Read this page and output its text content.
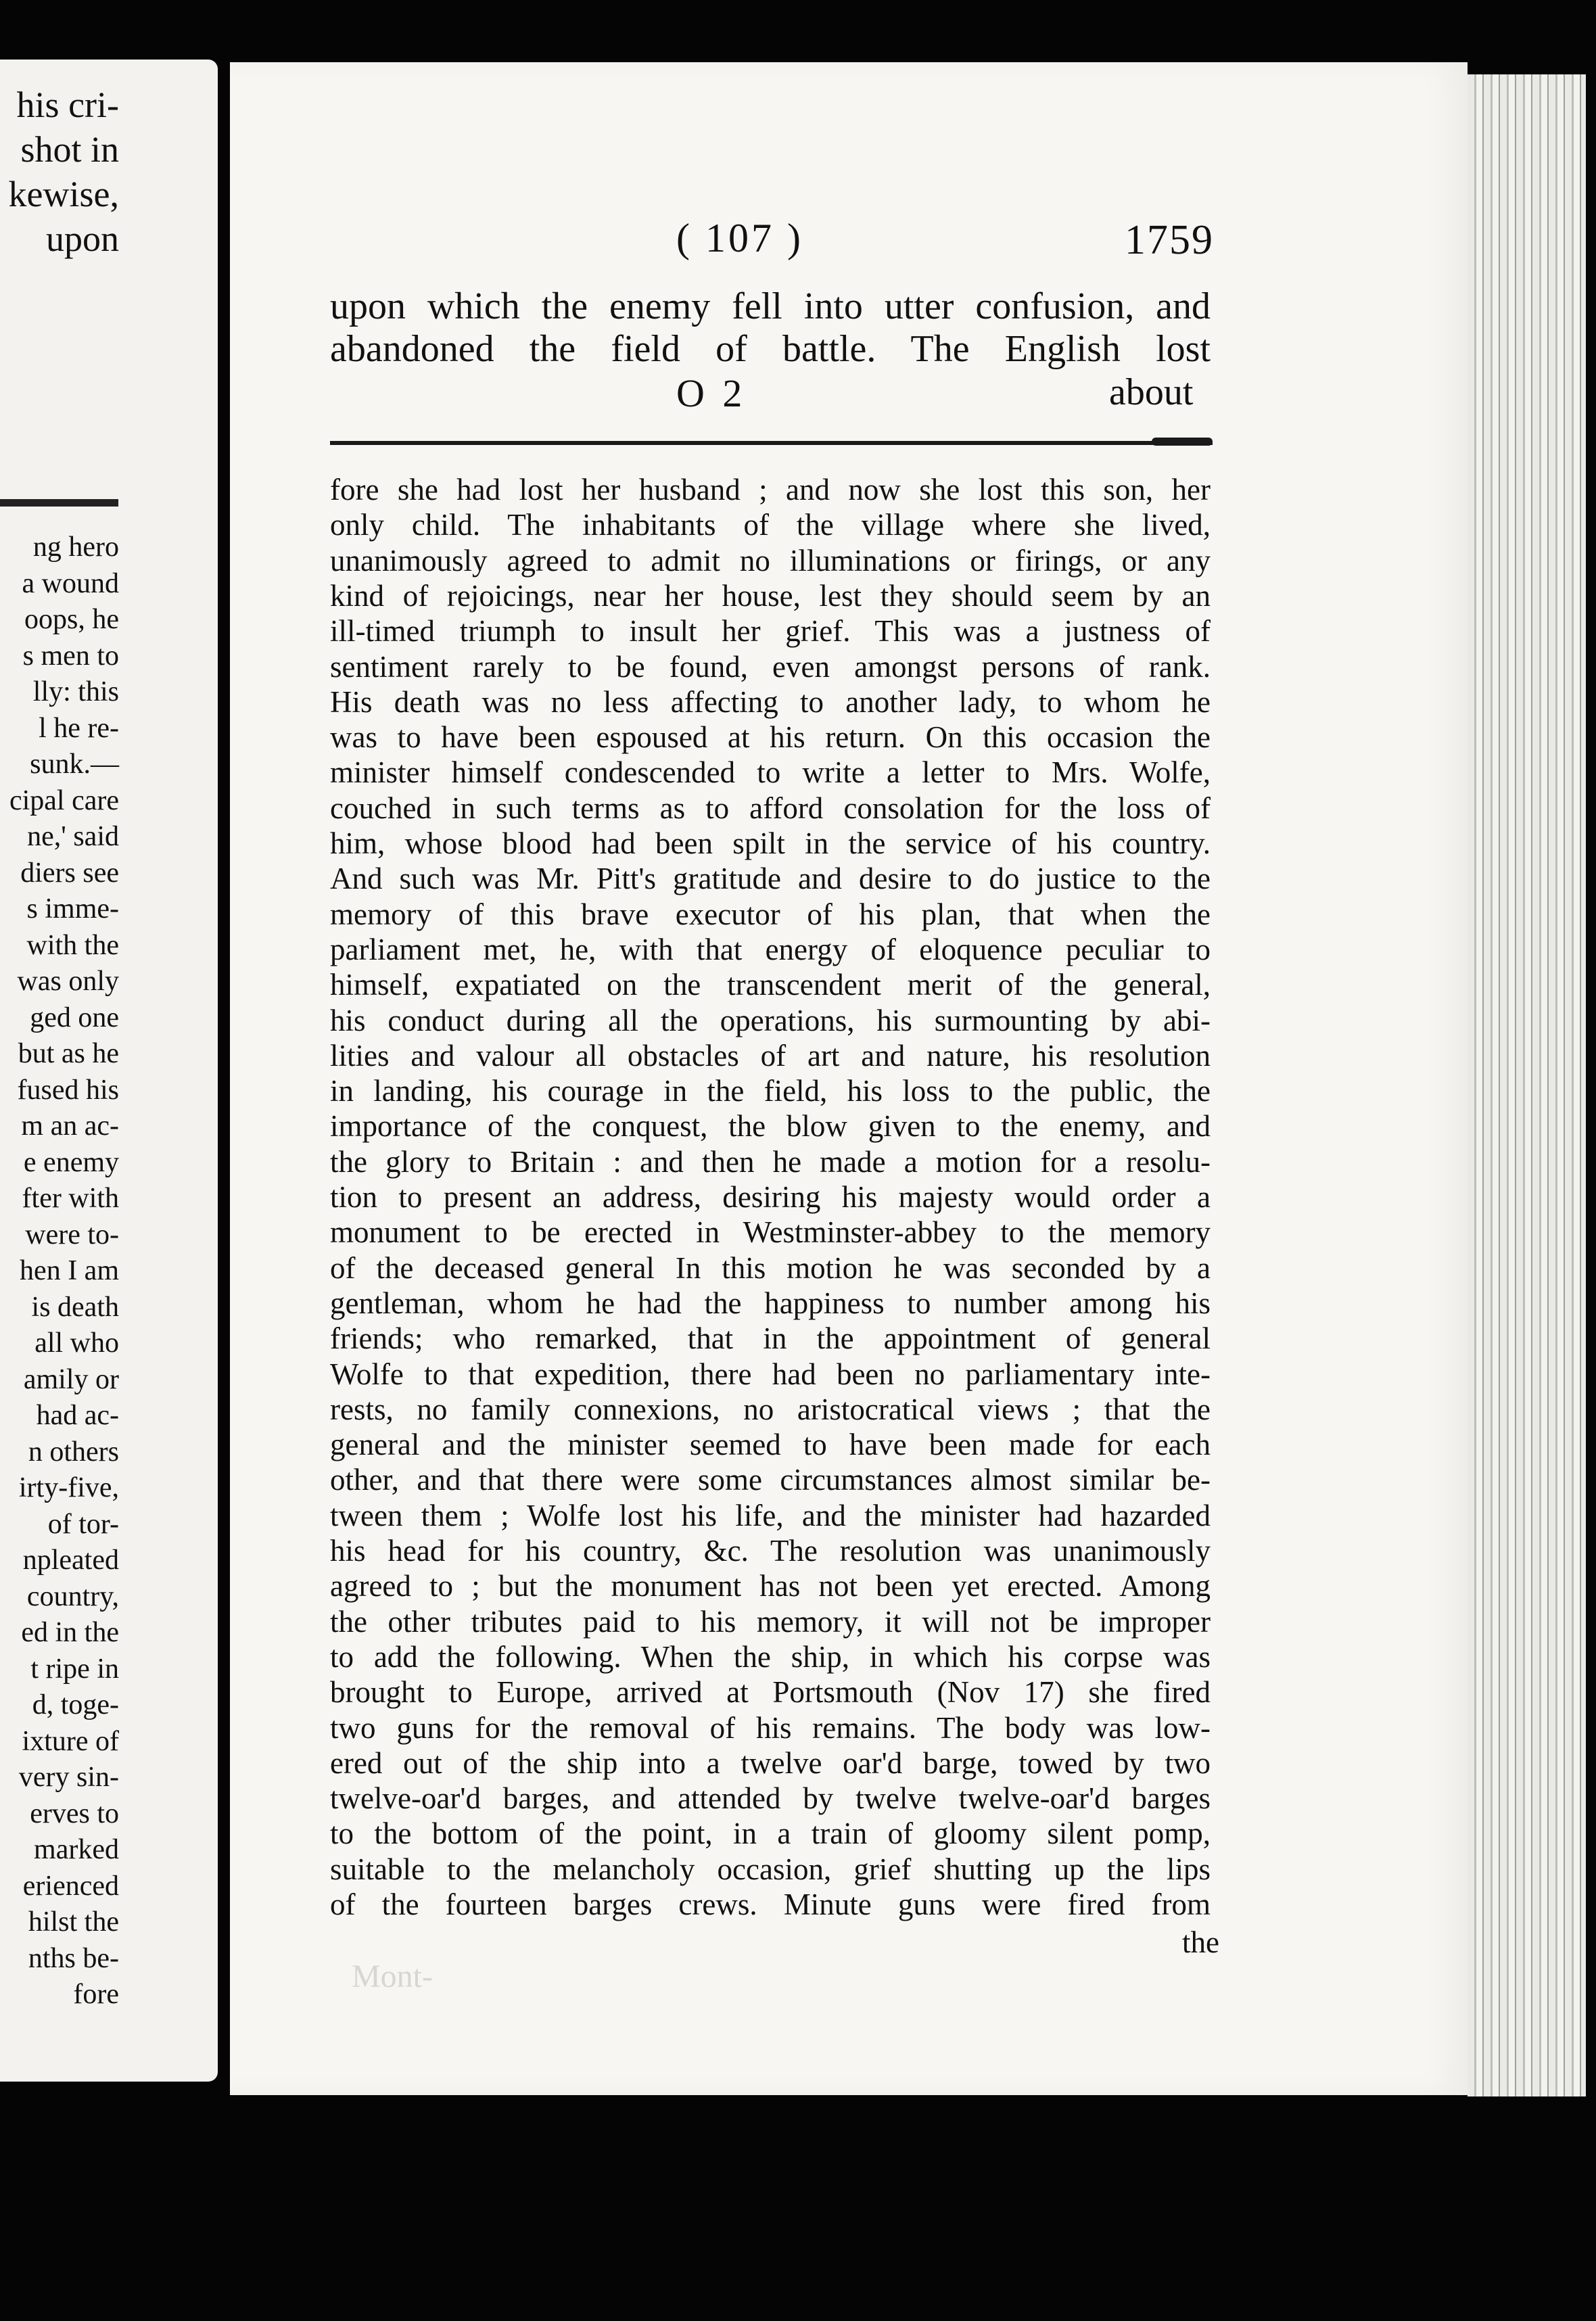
his cri-
shot in
kewise,
upon
ng hero
a wound
oops, he
s men to
lly: this
l he re-
sunk.—
cipal care
ne,' said
diers see
s imme-
with the
was only
ged one
but as he
fused his
m an ac-
e enemy
fter with
were to-
hen I am
is death
all who
amily or
had ac-
n others
irty-five,
of tor-
npleated
country,
ed in the
t ripe in
d, toge-
ixture of
very sin-
erves to
marked
erienced
hilst the
nths be-
fore
( 107 )	1759
upon which the enemy fell into utter confusion, and
abandoned the field of battle. The English lost
O 2	about
fore she had lost her husband ; and now she lost this son, her
only child. The inhabitants of the village where she lived,
unanimously agreed to admit no illuminations or firings, or any
kind of rejoicings, near her house, lest they should seem by an
ill-timed triumph to insult her grief. This was a justness of
sentiment rarely to be found, even amongst persons of rank.
His death was no less affecting to another lady, to whom he
was to have been espoused at his return. On this occasion the
minister himself condescended to write a letter to Mrs. Wolfe,
couched in such terms as to afford consolation for the loss of
him, whose blood had been spilt in the service of his country.
And such was Mr. Pitt's gratitude and desire to do justice to the
memory of this brave executor of his plan, that when the
parliament met, he, with that energy of eloquence peculiar to
himself, expatiated on the transcendent merit of the general,
his conduct during all the operations, his surmounting by abi-
lities and valour all obstacles of art and nature, his resolution
in landing, his courage in the field, his loss to the public, the
importance of the conquest, the blow given to the enemy, and
the glory to Britain : and then he made a motion for a resolu-
tion to present an address, desiring his majesty would order a
monument to be erected in Westminster-abbey to the memory
of the deceased general In this motion he was seconded by a
gentleman, whom he had the happiness to number among his
friends; who remarked, that in the appointment of general
Wolfe to that expedition, there had been no parliamentary inte-
rests, no family connexions, no aristocratical views ; that the
general and the minister seemed to have been made for each
other, and that there were some circumstances almost similar be-
tween them ; Wolfe lost his life, and the minister had hazarded
his head for his country, &c. The resolution was unanimously
agreed to ; but the monument has not been yet erected. Among
the other tributes paid to his memory, it will not be improper
to add the following. When the ship, in which his corpse was
brought to Europe, arrived at Portsmouth (Nov 17) she fired
two guns for the removal of his remains. The body was low-
ered out of the ship into a twelve oar'd barge, towed by two
twelve-oar'd barges, and attended by twelve twelve-oar'd barges
to the bottom of the point, in a train of gloomy silent pomp,
suitable to the melancholy occasion, grief shutting up the lips
of the fourteen barges crews. Minute guns were fired from
the
Mont-
